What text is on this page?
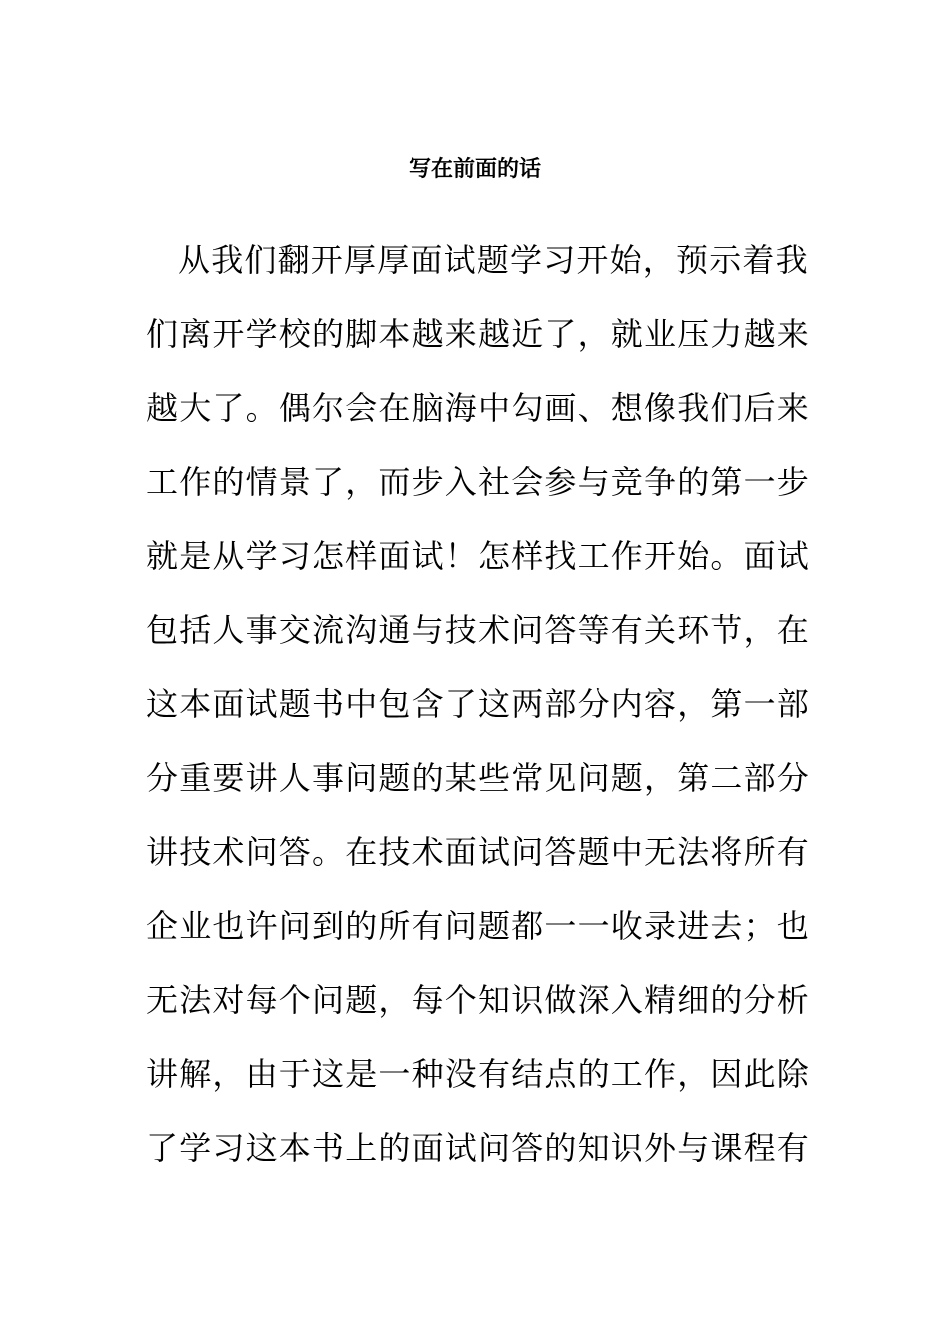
写在前面的话
从我们翻开厚厚面试题学习开始，预示着我
们离开学校的脚本越来越近了，就业压力越来
越大了。偶尔会在脑海中勾画、想像我们后来
工作的情景了，而步入社会参与竞争的第一步
就是从学习怎样面试！怎样找工作开始。面试
包括人事交流沟通与技术问答等有关环节，在
这本面试题书中包含了这两部分内容，第一部
分重要讲人事问题的某些常见问题，第二部分
讲技术问答。在技术面试问答题中无法将所有
企业也许问到的所有问题都一一收录进去；也
无法对每个问题，每个知识做深入精细的分析
讲解，由于这是一种没有结点的工作，因此除
了学习这本书上的面试问答的知识外与课程有
